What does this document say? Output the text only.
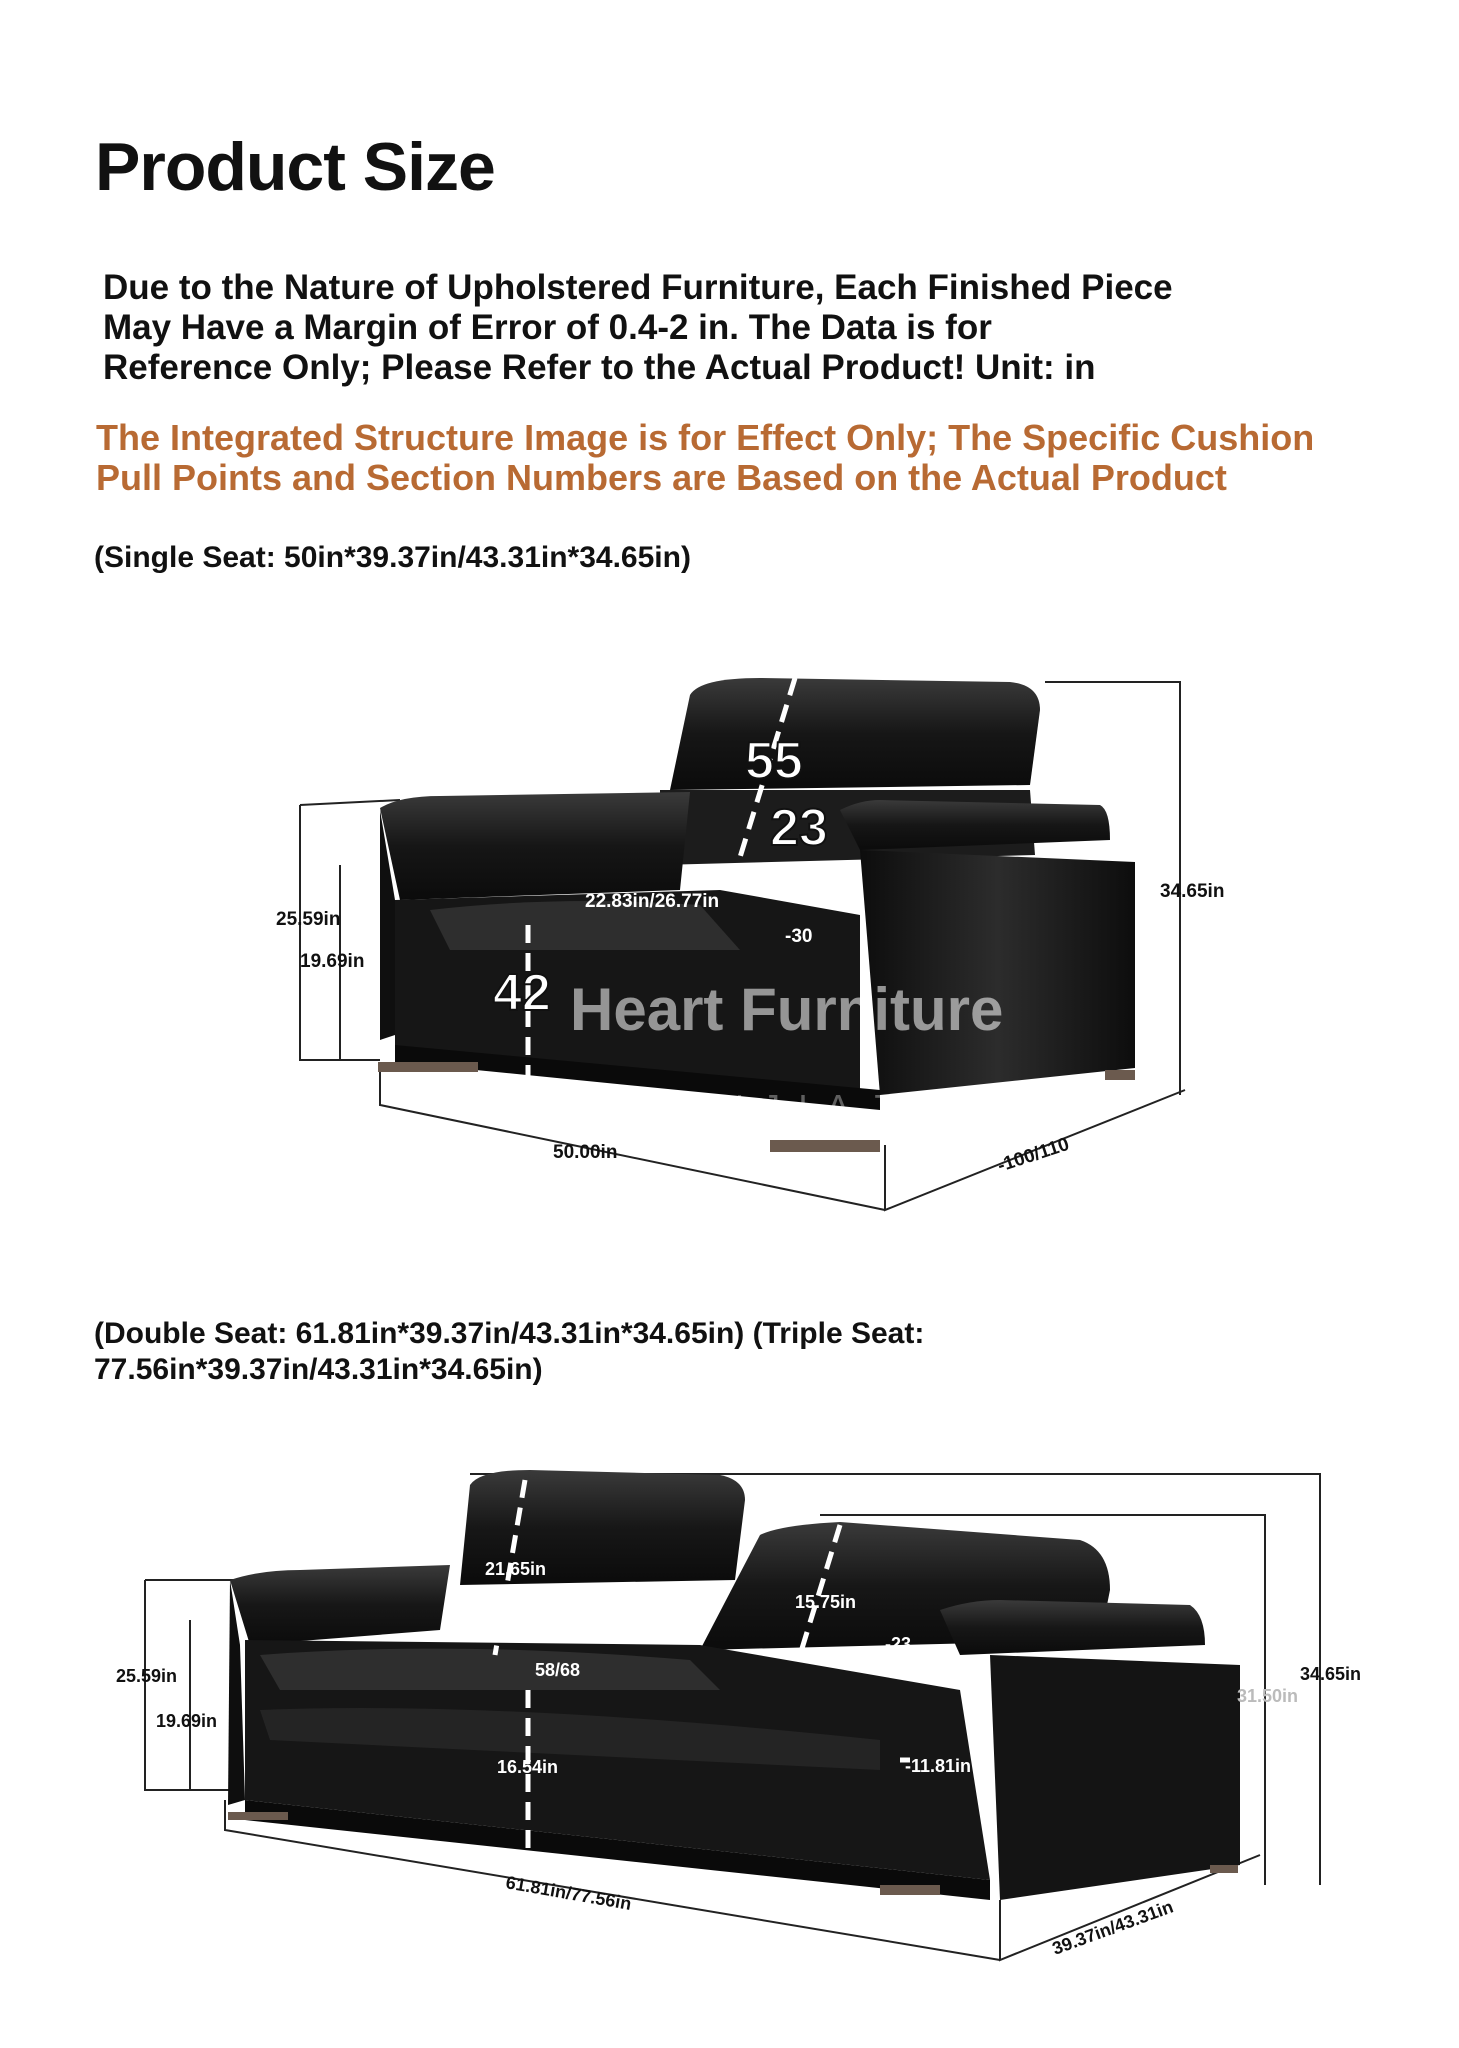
Product Size
Due to the Nature of Upholstered Furniture, Each Finished Piece
May Have a Margin of Error of 0.4-2 in. The Data is for
Reference Only; Please Refer to the Actual Product! Unit: in
The Integrated Structure Image is for Effect Only; The Specific Cushion
Pull Points and Section Numbers are Based on the Actual Product
(Single Seat: 50in*39.37in/43.31in*34.65in)
55
23
22.83in/26.77in
25.59in
19.69in
34.65in
-30
42
50.00in	-100/110
Heart Furniture
INJIAJU
(Double Seat: 61.81in*39.37in/43.31in*34.65in) (Triple Seat:
77.56in*39.37in/43.31in*34.65in)
21.65in
15.75in
-23
58/68
25.59in
19.69in
16.54in	-11.81in
34.65in
31.50in
61.81in/77.56in
39.37in/43.31in
